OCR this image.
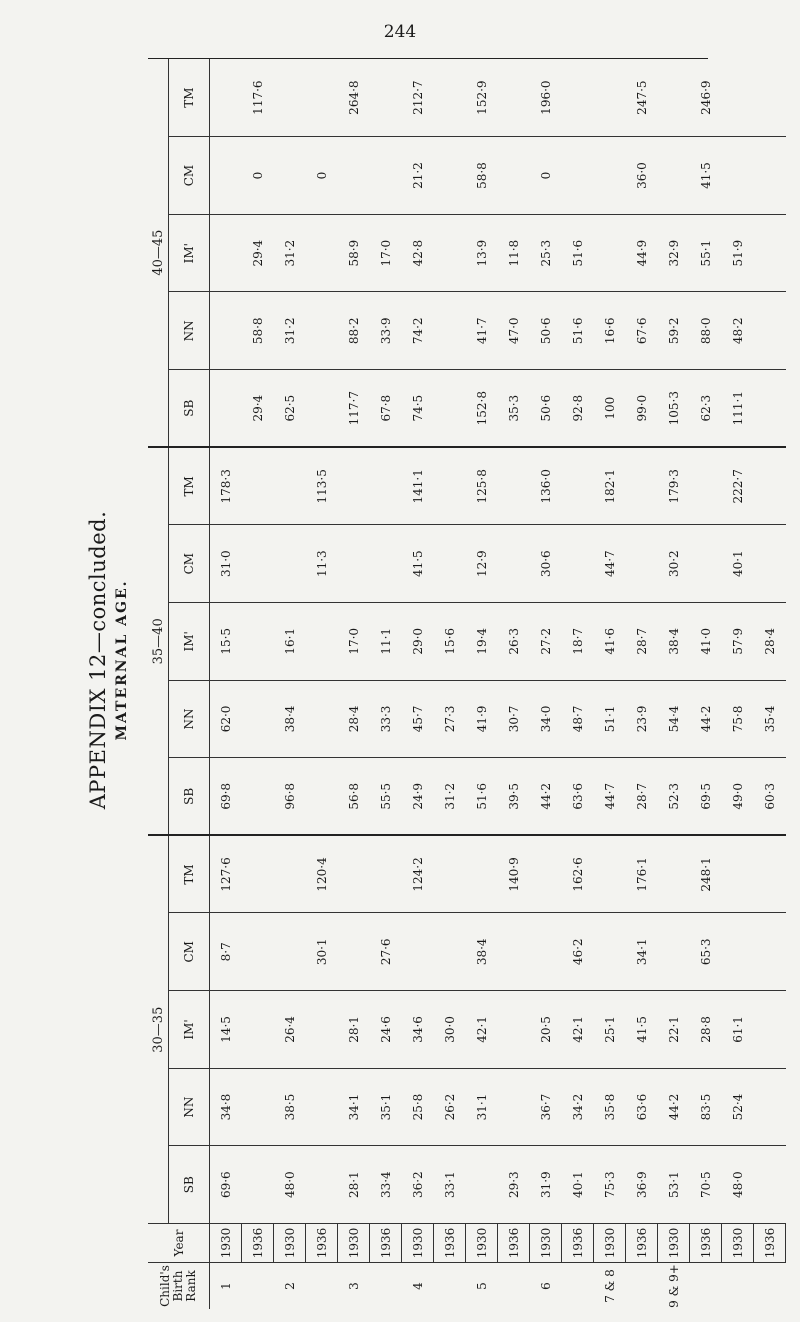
244
APPENDIX 12—concluded. MATERNAL AGE.
Child's
Birth
Rank	Year	30—35					35—40					40—45				
		SB	NN	IM'	CM	TM	SB	NN	IM'	CM	TM	SB	NN	IM'	CM	TM
1	1930	69·6	34·8	14·5	8·7	127·6	69·8	62·0	15·5	31·0	178·3					
	1936											29·4	58·8	29·4	0	117·6
2	1930	48·0	38·5	26·4			96·8	38·4	16·1			62·5	31·2	31·2		
	1936				30·1	120·4				11·3	113·5				0	
3	1930	28·1	34·1	28·1			56·8	28·4	17·0			117·7	88·2	58·9		264·8
	1936	33·4	35·1	24·6	27·6		55·5	33·3	11·1			67·8	33·9	17·0		
4	1930	36·2	25·8	34·6		124·2	24·9	45·7	29·0	41·5	141·1	74·5	74·2	42·8	21·2	212·7
	1936	33·1	26·2	30·0			31·2	27·3	15·6							
5	1930		31·1	42·1	38·4		51·6	41·9	19·4	12·9	125·8	152·8	41·7	13·9	58·8	152·9
	1936	29·3				140·9	39·5	30·7	26·3			35·3	47·0	11·8		
6	1930	31·9	36·7	20·5			44·2	34·0	27·2	30·6	136·0	50·6	50·6	25·3	0	196·0
	1936	40·1	34·2	42·1	46·2	162·6	63·6	48·7	18·7			92·8	51·6	51·6		
7 & 8	1930	75·3	35·8	25·1			44·7	51·1	41·6	44·7	182·1	100	16·6			
	1936	36·9	63·6	41·5	34·1	176·1	28·7	23·9	28·7			99·0	67·6	44·9	36·0	247·5
9 & 9+	1930	53·1	44·2	22·1			52·3	54·4	38·4	30·2	179·3	105·3	59·2	32·9		
	1936	70·5	83·5	28·8	65·3	248·1	69·5	44·2	41·0			62·3	88·0	55·1	41·5	246·9
	1930	48·0	52·4	61·1			49·0	75·8	57·9	40·1	222·7	111·1	48·2	51·9		
	1936						60·3	35·4	28·4							
